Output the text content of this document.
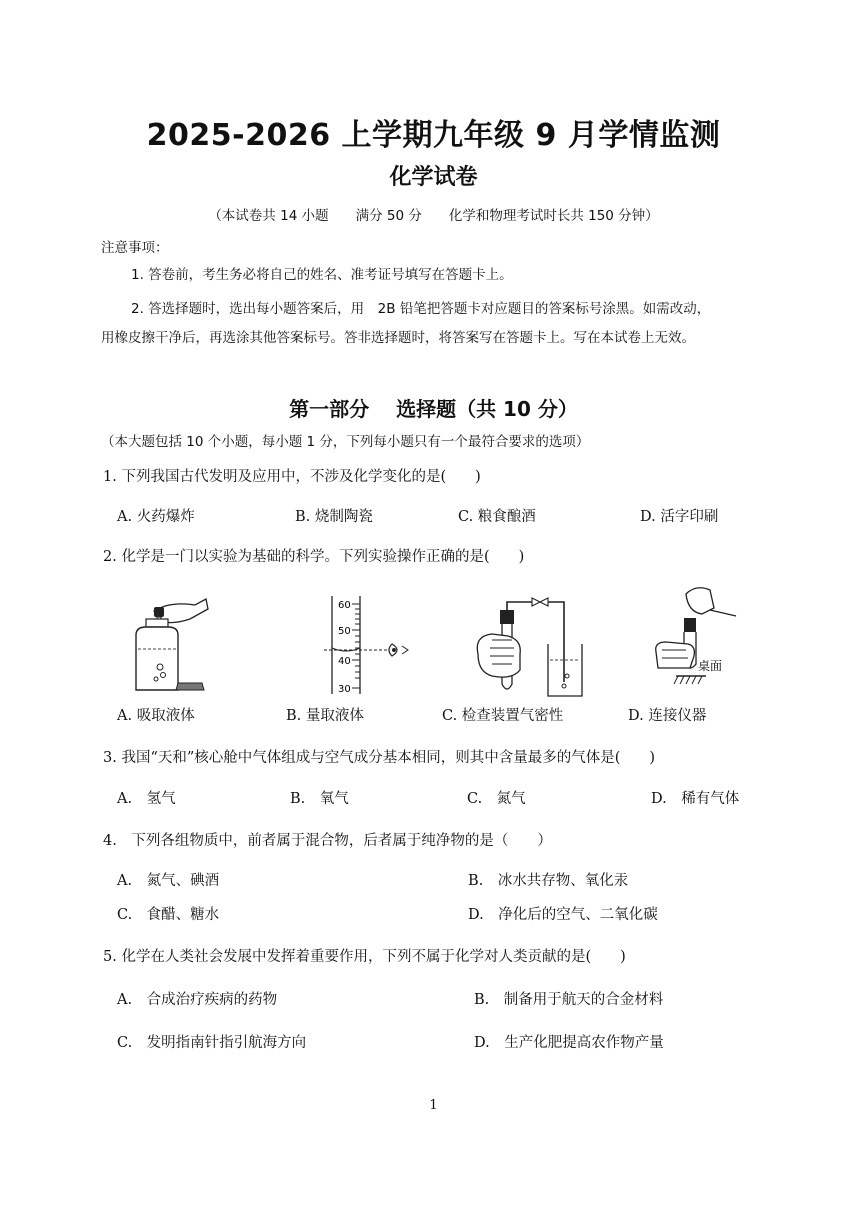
2025-2026 上学期九年级 9 月学情监测
化学试卷
（本试卷共 14 小题　　满分 50 分　　化学和物理考试时长共 150 分钟）
注意事项：
1. 答卷前，考生务必将自己的姓名、准考证号填写在答题卡上。
2. 答选择题时，选出每小题答案后，用　2B 铅笔把答题卡对应题目的答案标号涂黑。如需改动，
用橡皮擦干净后，再选涂其他答案标号。答非选择题时，将答案写在答题卡上。写在本试卷上无效。
第一部分　 选择题（共 10 分）
（本大题包括 10 个小题，每小题 1 分，下列每小题只有一个最符合要求的选项）
1. 下列我国古代发明及应用中，不涉及化学变化的是(　　)
A. 火药爆炸	B. 烧制陶瓷	C. 粮食酿酒	D. 活字印刷
2. 化学是一门以实验为基础的科学。下列实验操作正确的是(　　)
60
50
40
30
桌面
A. 吸取液体	B. 量取液体	C. 检查装置气密性	D. 连接仪器
3. 我国“天和”核心舱中气体组成与空气成分基本相同，则其中含量最多的气体是(　　)
A.　氢气	B.　氧气	C.　氮气	D.　稀有气体
4.　下列各组物质中，前者属于混合物，后者属于纯净物的是（　　）
A.　氮气、碘酒	B.　冰水共存物、氧化汞
C.　食醋、糖水	D.　净化后的空气、二氧化碳
5. 化学在人类社会发展中发挥着重要作用，下列不属于化学对人类贡献的是(　　)
A.　合成治疗疾病的药物	B.　制备用于航天的合金材料
C.　发明指南针指引航海方向	D.　生产化肥提高农作物产量
1
